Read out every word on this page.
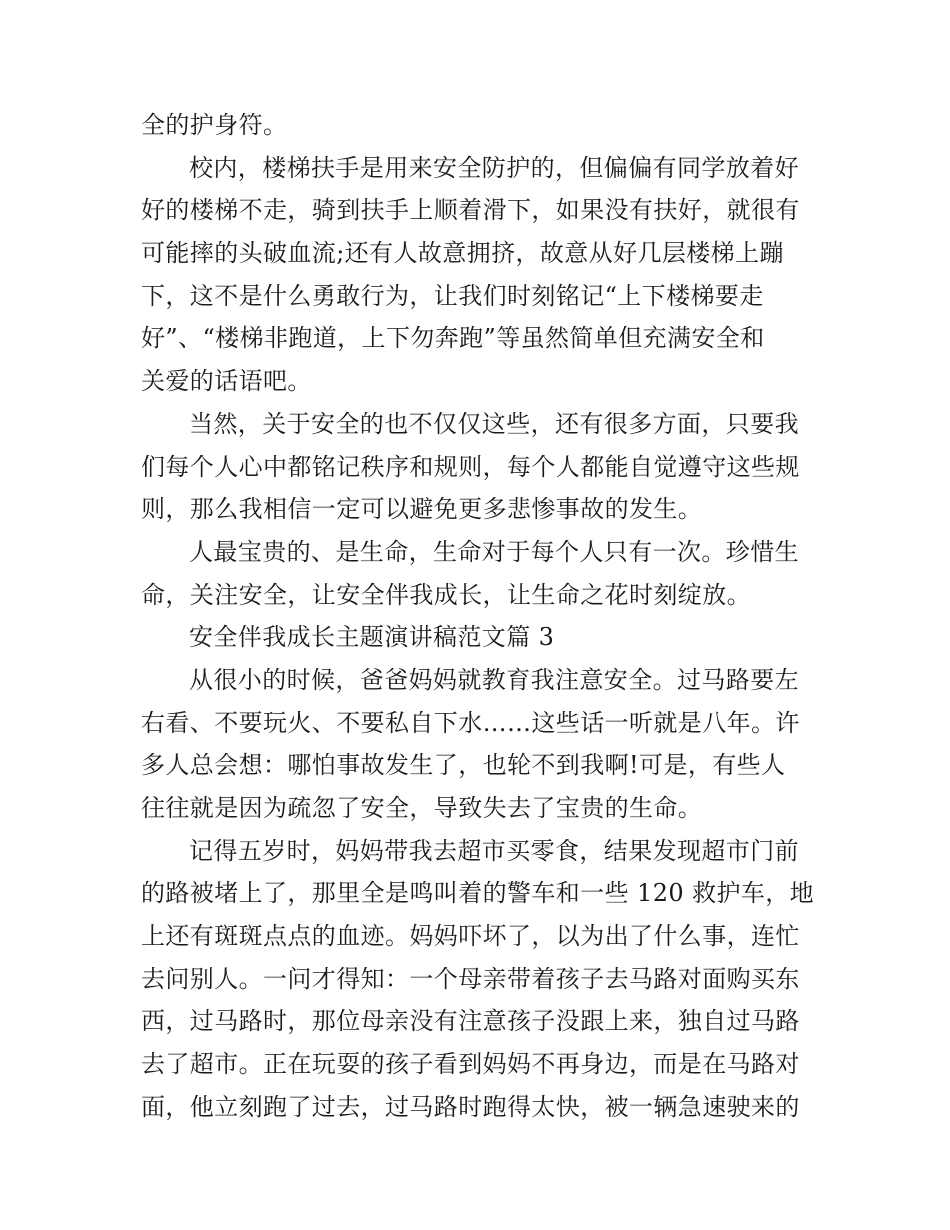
全的护身符。
校内，楼梯扶手是用来安全防护的，但偏偏有同学放着好
好的楼梯不走，骑到扶手上顺着滑下，如果没有扶好，就很有
可能摔的头破血流;还有人故意拥挤，故意从好几层楼梯上蹦
下，这不是什么勇敢行为，让我们时刻铭记“上下楼梯要走
好”、“楼梯非跑道，上下勿奔跑”等虽然简单但充满安全和
关爱的话语吧。
当然，关于安全的也不仅仅这些，还有很多方面，只要我
们每个人心中都铭记秩序和规则，每个人都能自觉遵守这些规
则，那么我相信一定可以避免更多悲惨事故的发生。
人最宝贵的、是生命，生命对于每个人只有一次。珍惜生
命，关注安全，让安全伴我成长，让生命之花时刻绽放。
安全伴我成长主题演讲稿范文篇 3
从很小的时候，爸爸妈妈就教育我注意安全。过马路要左
右看、不要玩火、不要私自下水……这些话一听就是八年。许
多人总会想：哪怕事故发生了，也轮不到我啊!可是，有些人
往往就是因为疏忽了安全，导致失去了宝贵的生命。
记得五岁时，妈妈带我去超市买零食，结果发现超市门前
的路被堵上了，那里全是鸣叫着的警车和一些 120 救护车，地
上还有斑斑点点的血迹。妈妈吓坏了，以为出了什么事，连忙
去问别人。一问才得知：一个母亲带着孩子去马路对面购买东
西，过马路时，那位母亲没有注意孩子没跟上来，独自过马路
去了超市。正在玩耍的孩子看到妈妈不再身边，而是在马路对
面，他立刻跑了过去，过马路时跑得太快，被一辆急速驶来的
